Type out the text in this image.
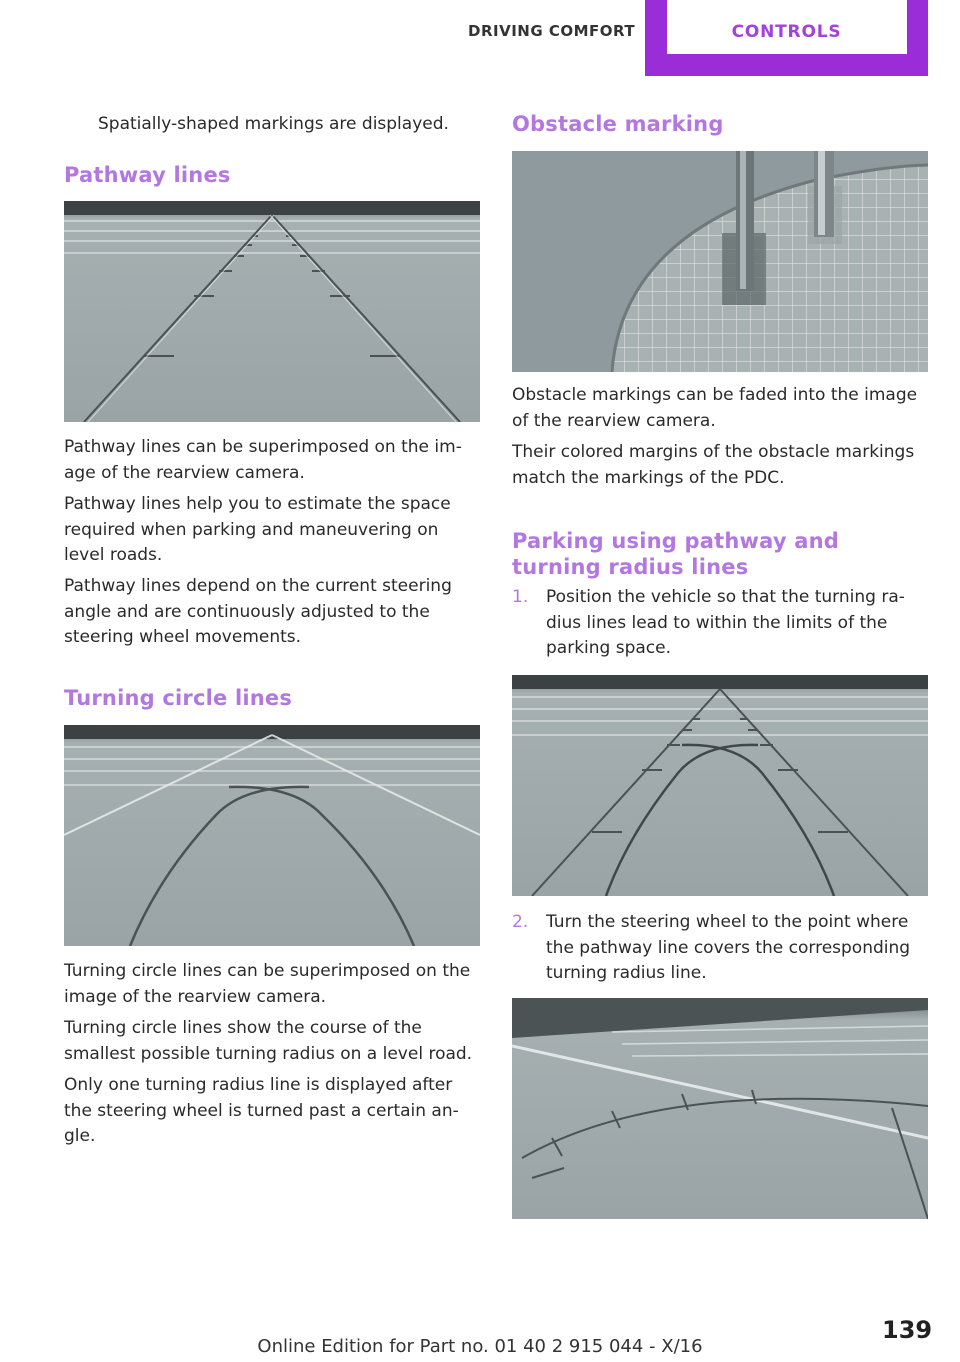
DRIVING COMFORT	CONTROLS
Spatially-shaped markings are displayed.
Pathway lines
Pathway lines can be superimposed on the im-age of the rearview camera.
Pathway lines help you to estimate the space required when parking and maneuvering on level roads.
Pathway lines depend on the current steering angle and are continuously adjusted to the steering wheel movements.
Turning circle lines
Turning circle lines can be superimposed on the image of the rearview camera.
Turning circle lines show the course of the smallest possible turning radius on a level road.
Only one turning radius line is displayed after the steering wheel is turned past a certain an-gle.
Obstacle marking
Obstacle markings can be faded into the image of the rearview camera.
Their colored margins of the obstacle markings match the markings of the PDC.
Parking using pathway and turning radius lines
1. Position the vehicle so that the turning ra-dius lines lead to within the limits of the parking space.
2. Turn the steering wheel to the point where the pathway line covers the corresponding turning radius line.
139
Online Edition for Part no. 01 40 2 915 044 - X/16
